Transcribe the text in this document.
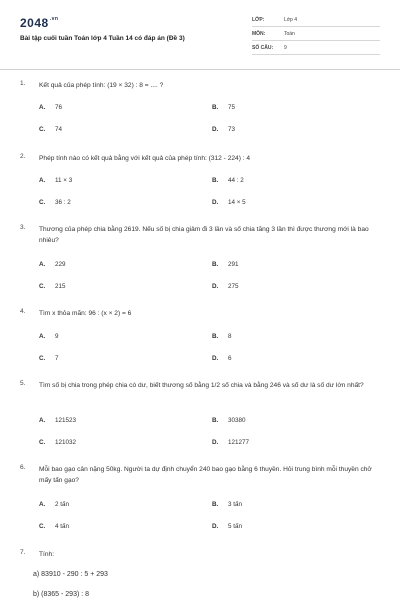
$2048^{.vn}$
Bài tập cuối tuần Toán lớp 4 Tuần 14 có đáp án (Đề 3)
LỚP:	Lớp 4
MÔN:	Toán
SỐ CÂU: 9
1. Kết quả của phép tính: (19 × 32) : 8 = .... ?
A. 76	B. 75
C. 74	D. 73
2. Phép tính nào có kết quả bằng với kết quả của phép tính: (312 - 224) : 4
A. 11 × 3	B. 44 : 2
C. 36 : 2	D. 14 × 5
3. Thương của phép chia bằng 2619. Nếu số bị chia giảm đi 3 lần và số chia tăng 3 lần thì được thương mới là bao nhiêu?
A. 229	B. 291
C. 215	D. 275
4. Tìm x thỏa mãn: 96 : (x × 2) = 6
A. 9	B. 8
C. 7	D. 6
5. Tìm số bị chia trong phép chia có dư, biết thương số bằng 1/2 số chia và bằng 246 và số dư là số dư lớn nhất?
A. 121523	B. 30380
C. 121032	D. 121277
6. Mỗi bao gạo cân nặng 50kg. Người ta dự định chuyển 240 bao gạo bằng 6 thuyền. Hỏi trung bình mỗi thuyền chở mấy tấn gạo?
A. 2 tấn	B. 3 tấn
C. 4 tấn	D. 5 tấn
7. Tính:
a) 83910 - 290 : 5 + 293
b) (8365 - 293) : 8
